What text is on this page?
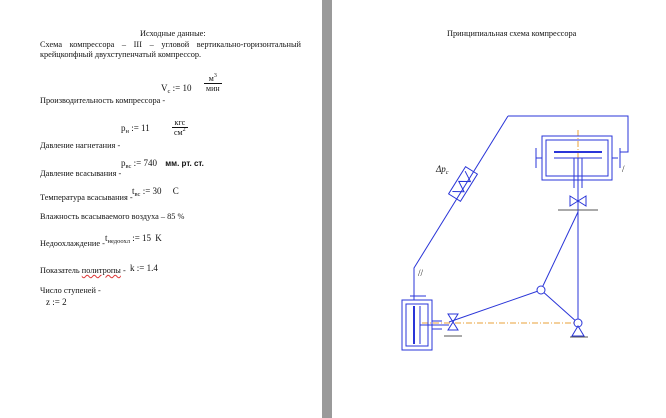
Исходные данные:
Схема компрессора – III – угловой вертикально-горизонтальный
крейцкопфный двухступенчатый компрессор.
$V_с$ := 10
$м^3$
мин
Производительность компрессора -
$p_н$ := 11
кгс
$см^2$
Давление нагнетания -
$p_{вс}$ := 740 мм. рт. ст.
Давление всасывания -
$t_{вс}$ := 30 C
Температура всасывания -
Влажность всасываемого воздуха – 85 %
$t_{недоохл}$ := 15 K
Недоохлаждение -
Показатель политропы - k := 1.4
Число ступеней -
z := 2
Принципиальная схема компрессора
$\Delta p_c$	/
//
